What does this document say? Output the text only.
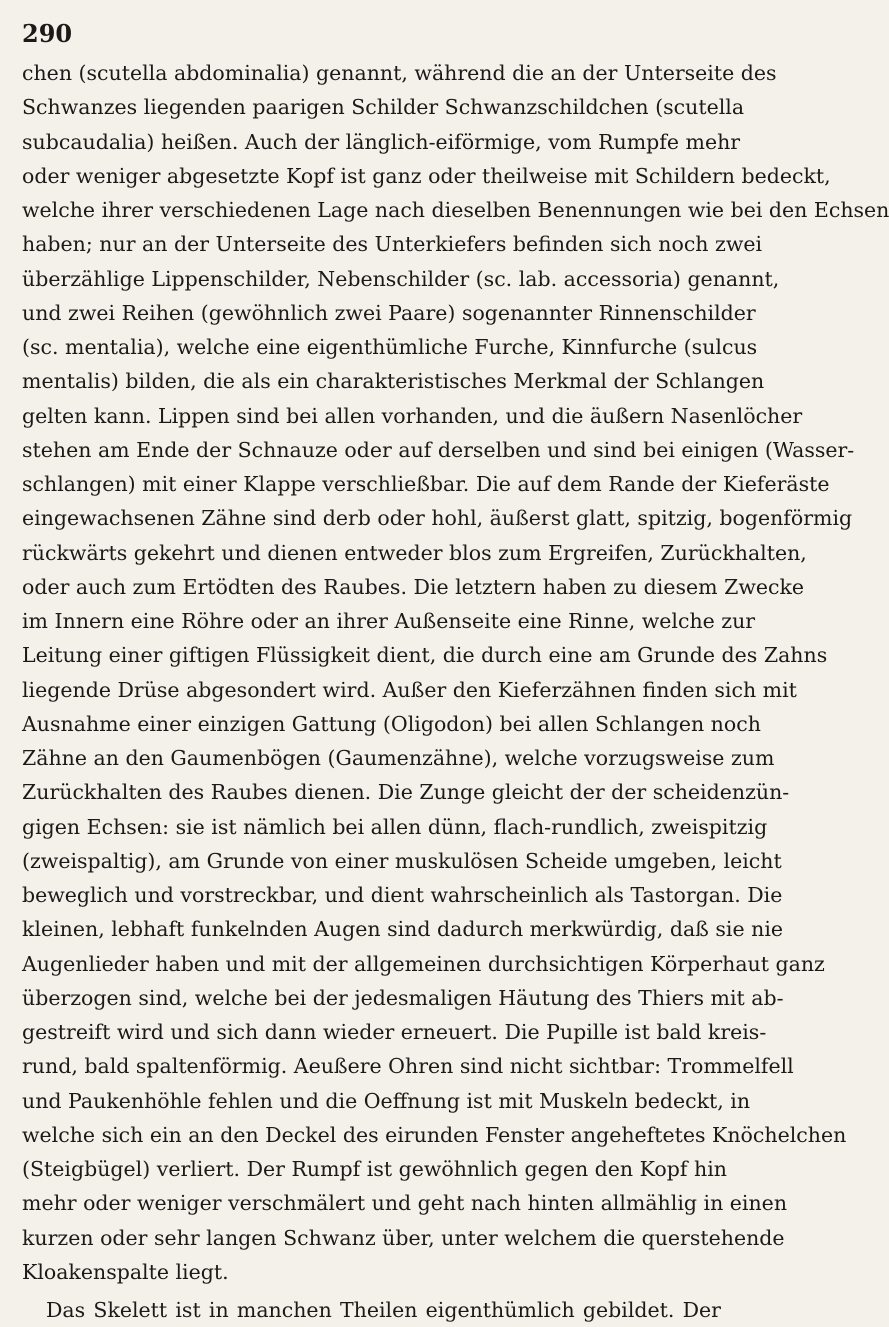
290
chen (scutella abdominalia) genannt, während die an der Unterseite des
Schwanzes liegenden paarigen Schilder Schwanzschildchen (scutella
subcaudalia) heißen. Auch der länglich-eiförmige, vom Rumpfe mehr
oder weniger abgesetzte Kopf ist ganz oder theilweise mit Schildern bedeckt,
welche ihrer verschiedenen Lage nach dieselben Benennungen wie bei den Echsen
haben; nur an der Unterseite des Unterkiefers befinden sich noch zwei
überzählige Lippenschilder, Nebenschilder (sc. lab. accessoria) genannt,
und zwei Reihen (gewöhnlich zwei Paare) sogenannter Rinnenschilder
(sc. mentalia), welche eine eigenthümliche Furche, Kinnfurche (sulcus
mentalis) bilden, die als ein charakteristisches Merkmal der Schlangen
gelten kann. Lippen sind bei allen vorhanden, und die äußern Nasenlöcher
stehen am Ende der Schnauze oder auf derselben und sind bei einigen (Wasser-
schlangen) mit einer Klappe verschließbar. Die auf dem Rande der Kieferäste
eingewachsenen Zähne sind derb oder hohl, äußerst glatt, spitzig, bogenförmig
rückwärts gekehrt und dienen entweder blos zum Ergreifen, Zurückhalten,
oder auch zum Ertödten des Raubes. Die letztern haben zu diesem Zwecke
im Innern eine Röhre oder an ihrer Außenseite eine Rinne, welche zur
Leitung einer giftigen Flüssigkeit dient, die durch eine am Grunde des Zahns
liegende Drüse abgesondert wird. Außer den Kieferzähnen finden sich mit
Ausnahme einer einzigen Gattung (Oligodon) bei allen Schlangen noch
Zähne an den Gaumenbögen (Gaumenzähne), welche vorzugsweise zum
Zurückhalten des Raubes dienen. Die Zunge gleicht der der scheidenzün-
gigen Echsen: sie ist nämlich bei allen dünn, flach-rundlich, zweispitzig
(zweispaltig), am Grunde von einer muskulösen Scheide umgeben, leicht
beweglich und vorstreckbar, und dient wahrscheinlich als Tastorgan. Die
kleinen, lebhaft funkelnden Augen sind dadurch merkwürdig, daß sie nie
Augenlieder haben und mit der allgemeinen durchsichtigen Körperhaut ganz
überzogen sind, welche bei der jedesmaligen Häutung des Thiers mit ab-
gestreift wird und sich dann wieder erneuert. Die Pupille ist bald kreis-
rund, bald spaltenförmig. Aeußere Ohren sind nicht sichtbar: Trommelfell
und Paukenhöhle fehlen und die Oeffnung ist mit Muskeln bedeckt, in
welche sich ein an den Deckel des eirunden Fenster angeheftetes Knöchelchen
(Steigbügel) verliert. Der Rumpf ist gewöhnlich gegen den Kopf hin
mehr oder weniger verschmälert und geht nach hinten allmählig in einen
kurzen oder sehr langen Schwanz über, unter welchem die querstehende
Kloakenspalte liegt.
Das Skelett ist in manchen Theilen eigenthümlich gebildet. Der
